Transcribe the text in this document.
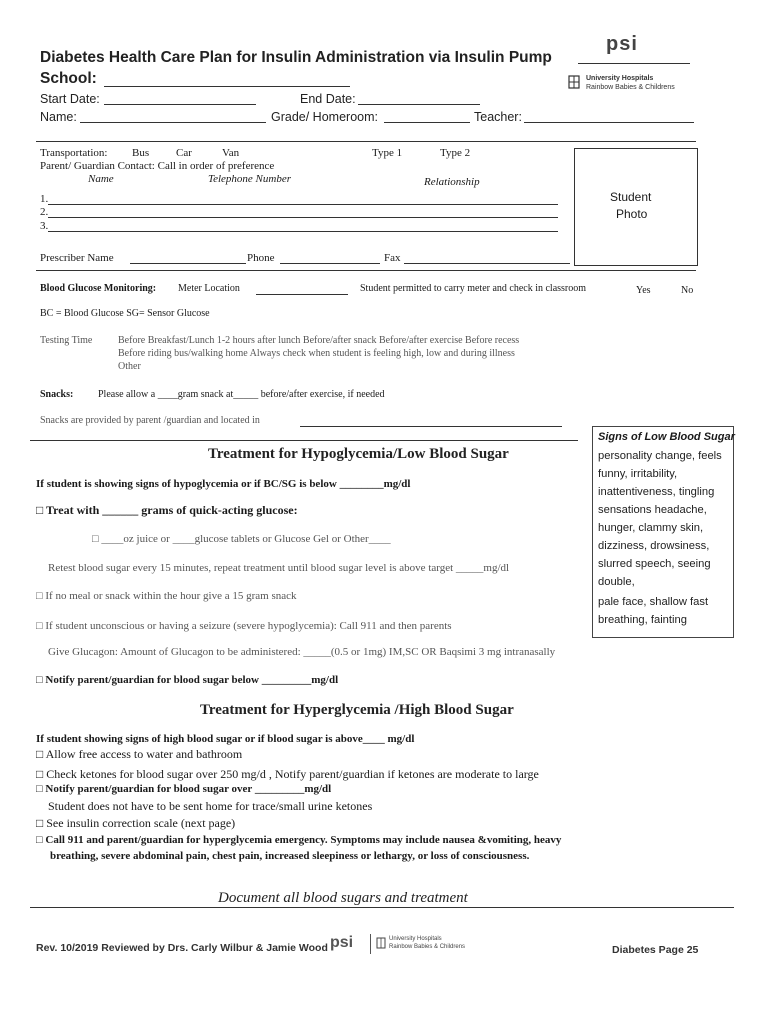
Diabetes Health Care Plan for Insulin Administration via Insulin Pump
School:
psi
University Hospitals
Rainbow Babies & Childrens
Start Date:	End Date:
Name:	Grade/ Homeroom:	Teacher:
Transportation: Bus Car	Van	Type 1	Type 2
Parent/ Guardian Contact: Call in order of preference
Name	Telephone Number	Relationship
1.
2.
3.
Student
Photo
Prescriber Name	Phone	Fax
Blood Glucose Monitoring: Meter Location	Student permitted to carry meter and check in classroom	Yes	No
BC = Blood Glucose SG= Sensor Glucose
Testing Time	Before Breakfast/Lunch 1-2 hours after lunch Before/after snack Before/after exercise Before recess
Before riding bus/walking home Always check when student is feeling high, low and during illness
Other
Snacks: Please allow a ____gram snack at_____ before/after exercise, if needed
Snacks are provided by parent /guardian and located in
Signs of Low Blood Sugar
personality change, feels
funny, irritability,
inattentiveness, tingling
sensations headache,
hunger, clammy skin,
dizziness, drowsiness,
slurred speech, seeing
double,
pale face, shallow fast
breathing, fainting
Treatment for Hypoglycemia/Low Blood Sugar
If student is showing signs of hypoglycemia or if BC/SG is below ________mg/dl
□ Treat with ______ grams of quick-acting glucose:
□ ____oz juice or ____glucose tablets or Glucose Gel or Other____
Retest blood sugar every 15 minutes, repeat treatment until blood sugar level is above target _____mg/dl
□ If no meal or snack within the hour give a 15 gram snack
□ If student unconscious or having a seizure (severe hypoglycemia): Call 911 and then parents
Give Glucagon: Amount of Glucagon to be administered: _____(0.5 or 1mg) IM,SC OR Baqsimi 3 mg intranasally
□ Notify parent/guardian for blood sugar below _________mg/dl
Treatment for Hyperglycemia /High Blood Sugar
If student showing signs of high blood sugar or if blood sugar is above____ mg/dl
□ Allow free access to water and bathroom
□ Check ketones for blood sugar over 250 mg/d , Notify parent/guardian if ketones are moderate to large
□ Notify parent/guardian for blood sugar over _________mg/dl
Student does not have to be sent home for trace/small urine ketones
□ See insulin correction scale (next page)
□ Call 911 and parent/guardian for hyperglycemia emergency. Symptoms may include nausea &vomiting, heavy
breathing, severe abdominal pain, chest pain, increased sleepiness or lethargy, or loss of consciousness.
Document all blood sugars and treatment
Rev. 10/2019 Reviewed by Drs. Carly Wilbur & Jamie Wood psi	University Hospitals
Rainbow Babies & Childrens	Diabetes Page 25
